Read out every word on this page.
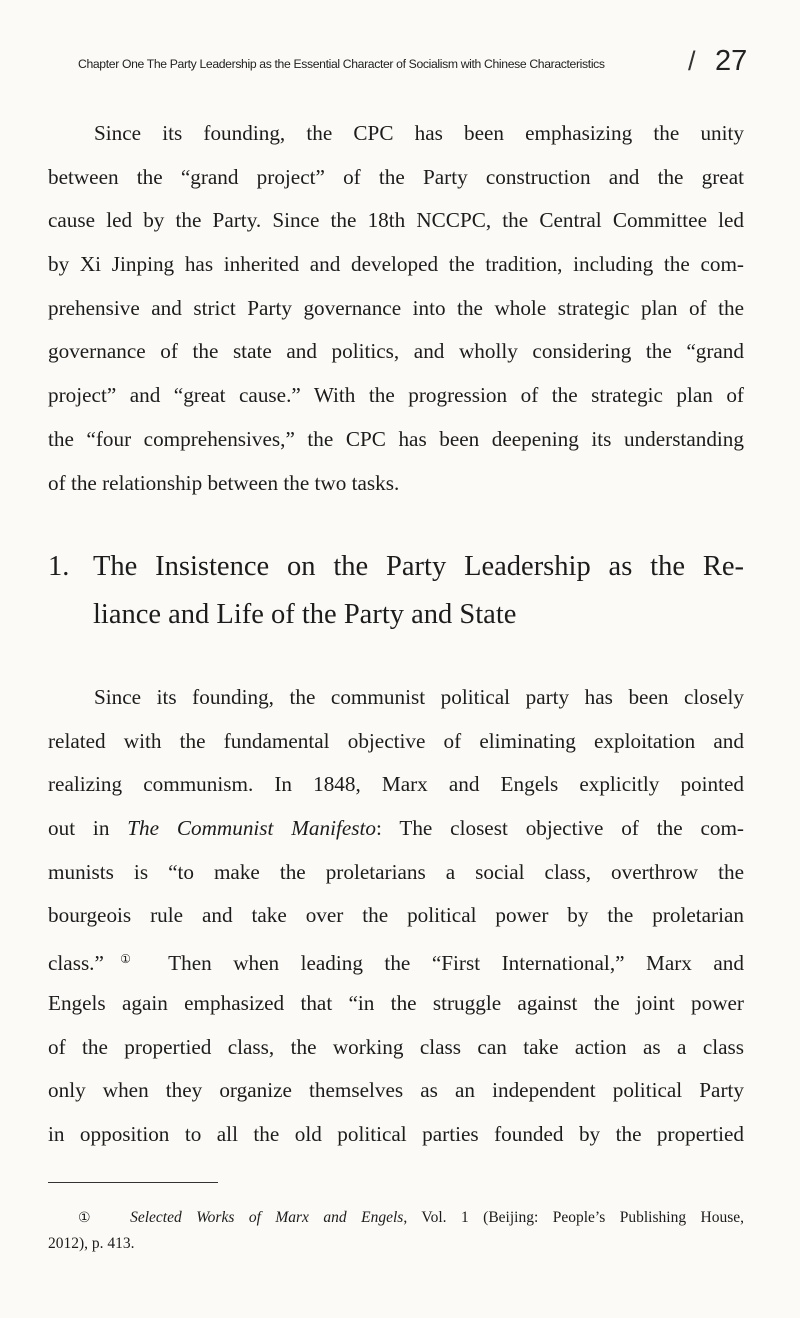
Chapter One The Party Leadership as the Essential Character of Socialism with Chinese Characteristics	/ 27
Since its founding, the CPC has been emphasizing the unity
between the “grand project” of the Party construction and the great
cause led by the Party. Since the 18th NCCPC, the Central Committee led
by Xi Jinping has inherited and developed the tradition, including the com-
prehensive and strict Party governance into the whole strategic plan of the
governance of the state and politics, and wholly considering the “grand
project” and “great cause.” With the progression of the strategic plan of
the “four comprehensives,” the CPC has been deepening its understanding
of the relationship between the two tasks.
1. The Insistence on the Party Leadership as the Re-
liance and Life of the Party and State
Since its founding, the communist political party has been closely
related with the fundamental objective of eliminating exploitation and
realizing communism. In 1848, Marx and Engels explicitly pointed
out in The Communist Manifesto: The closest objective of the com-
munists is “to make the proletarians a social class, overthrow the
bourgeois rule and take over the political power by the proletarian
class.”① Then when leading the “First International,” Marx and
Engels again emphasized that “in the struggle against the joint power
of the propertied class, the working class can take action as a class
only when they organize themselves as an independent political Party
in opposition to all the old political parties founded by the propertied
① Selected Works of Marx and Engels, Vol. 1 (Beijing: People’s Publishing House,
2012), p. 413.
